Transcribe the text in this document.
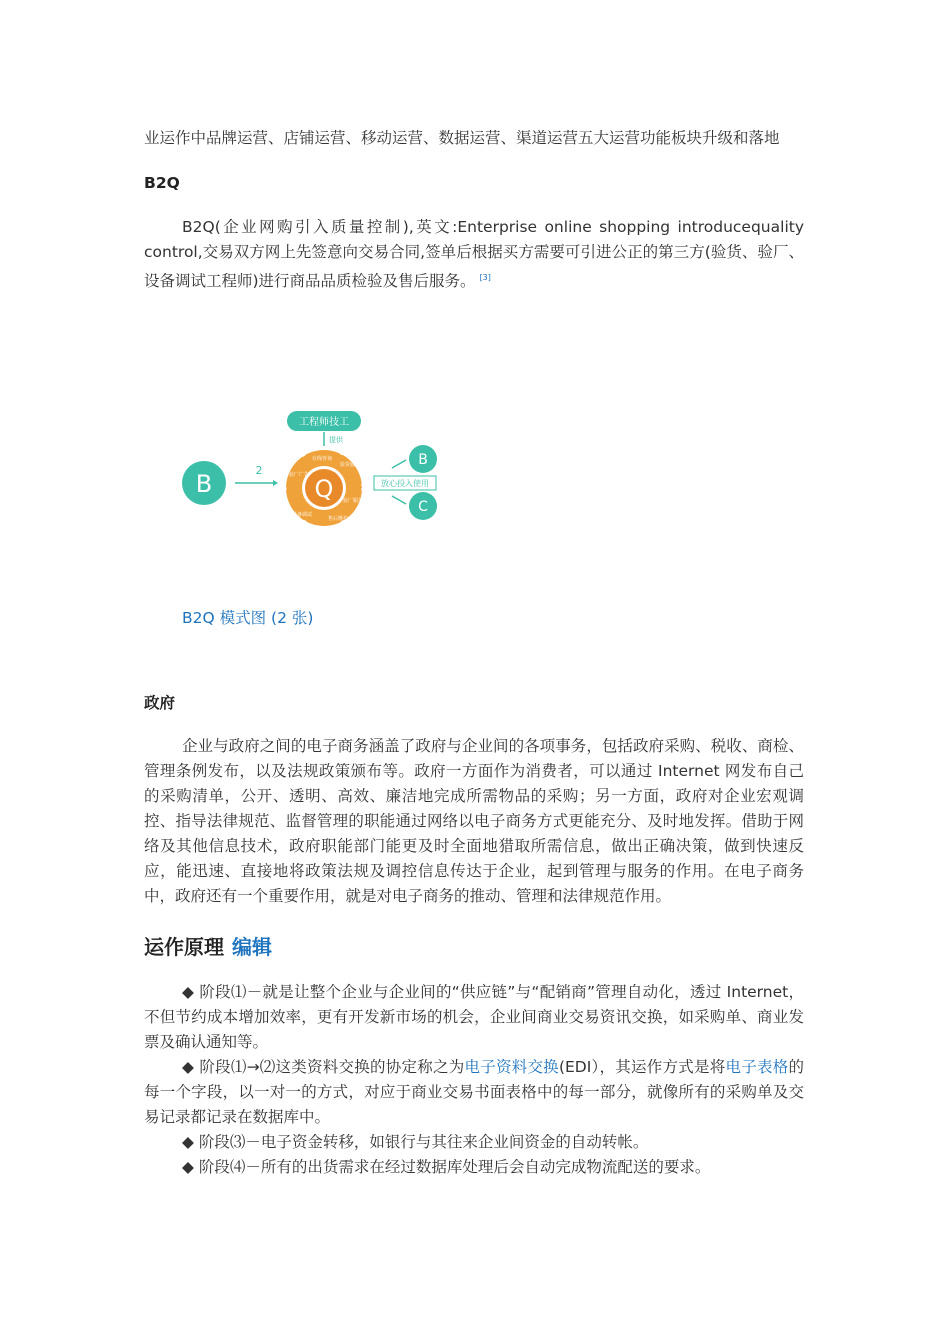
业运作中品牌运营、店铺运营、移动运营、数据运营、渠道运营五大运营功能板块升级和落地

B2Q

B2Q(企业网购引入质量控制),英文:Enterprise online shopping introducequality control,交易双方网上先签意向交易合同,签单后根据买方需要可引进公正的第三方(验货、验厂、设备调试工程师)进行商品品质检验及售后服务。 [3]

工程师技工
提供
B	2
Q
在线咨询
验货服务
验厂服务
售后维护
设备调试
验厂广告
放心投入使用
B
C

B2Q 模式图 (2 张)

政府

企业与政府之间的电子商务涵盖了政府与企业间的各项事务，包括政府采购、税收、商检、管理条例发布，以及法规政策颁布等。政府一方面作为消费者，可以通过 Internet 网发布自己的采购清单，公开、透明、高效、廉洁地完成所需物品的采购；另一方面，政府对企业宏观调控、指导法律规范、监督管理的职能通过网络以电子商务方式更能充分、及时地发挥。借助于网络及其他信息技术，政府职能部门能更及时全面地猎取所需信息，做出正确决策，做到快速反应，能迅速、直接地将政策法规及调控信息传达于企业，起到管理与服务的作用。在电子商务中，政府还有一个重要作用，就是对电子商务的推动、管理和法律规范作用。

运作原理 编辑

◆ 阶段⑴－就是让整个企业与企业间的“供应链”与“配销商”管理自动化，透过 Internet，不但节约成本增加效率，更有开发新市场的机会，企业间商业交易资讯交换，如采购单、商业发票及确认通知等。

◆ 阶段⑴→⑵这类资料交换的协定称之为电子资料交换(EDI），其运作方式是将电子表格的每一个字段，以一对一的方式，对应于商业交易书面表格中的每一部分，就像所有的采购单及交易记录都记录在数据库中。

◆ 阶段⑶－电子资金转移，如银行与其往来企业间资金的自动转帐。

◆ 阶段⑷－所有的出货需求在经过数据库处理后会自动完成物流配送的要求。
